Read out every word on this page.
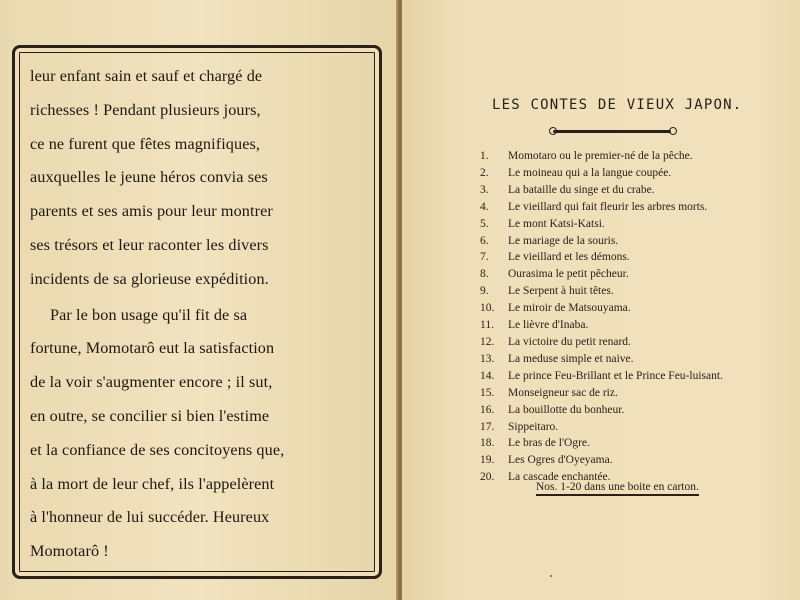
leur enfant sain et sauf et chargé de
richesses ! Pendant plusieurs jours,
ce ne furent que fêtes magnifiques,
auxquelles le jeune héros convia ses
parents et ses amis pour leur montrer
ses trésors et leur raconter les divers
incidents de sa glorieuse expédition.

Par le bon usage qu'il fit de sa
fortune, Momotarô eut la satisfaction
de la voir s'augmenter encore ; il sut,
en outre, se concilier si bien l'estime
et la confiance de ses concitoyens que,
à la mort de leur chef, ils l'appelèrent
à l'honneur de lui succéder. Heureux
Momotarô !

LES CONTES DE VIEUX JAPON.
1.	Momotaro ou le premier-né de la pêche.
2.	Le moineau qui a la langue coupée.
3.	La bataille du singe et du crabe.
4.	Le vieillard qui fait fleurir les arbres morts.
5.	Le mont Katsi-Katsi.
6.	Le mariage de la souris.
7.	Le vieillard et les démons.
8.	Ourasima le petit pêcheur.
9.	Le Serpent à huit têtes.
10.	Le miroir de Matsouyama.
11.	Le lièvre d'Inaba.
12.	La victoire du petit renard.
13.	La meduse simple et naive.
14.	Le prince Feu-Brillant et le Prince Feu-luisant.
15.	Monseigneur sac de riz.
16.	La bouillotte du bonheur.
17.	Sippeitaro.
18.	Le bras de l'Ogre.
19.	Les Ogres d'Oyeyama.
20.	La cascade enchantée.
Nos. 1-20 dans une boite en carton.
